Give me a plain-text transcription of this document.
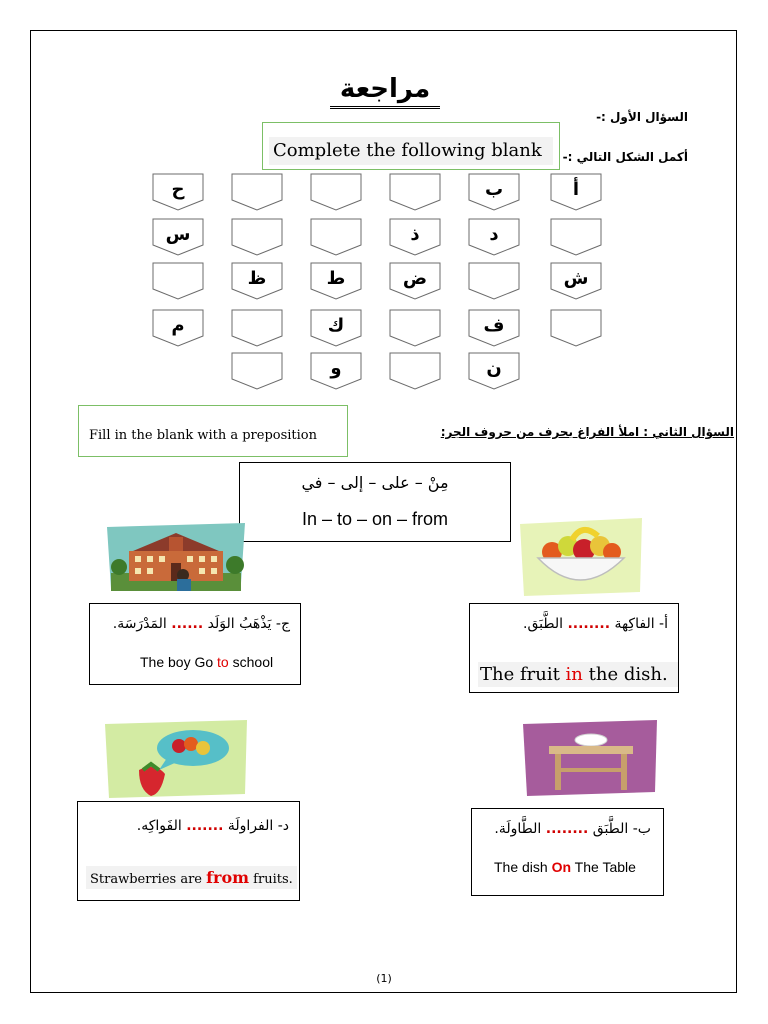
مراجعة
السؤال الأول :-
أكمل الشكل التالي :-
Complete the following blank
أ
ب
ح
د
ذ
س
ش
ض
ط
ظ
ف
ك
م
ن
و
السؤال الثاني : املأ الفراغ بحرف من حروف الجر:
Fill in the blank with a preposition
مِنْ – على – إلى – في
In – to – on – from
أ- الفاكِهة ........ الطَّبَق.
The fruit in the dish.
ج- يَذْهَبُ الوَلَد ...... المَدْرَسَة.
The boy Go to school
د- الفراولَة ....... الفَواكِه.
Strawberries are from fruits.
ب- الطَّبَق ........ الطَّاولَة.
The dish On The Table
(1)
